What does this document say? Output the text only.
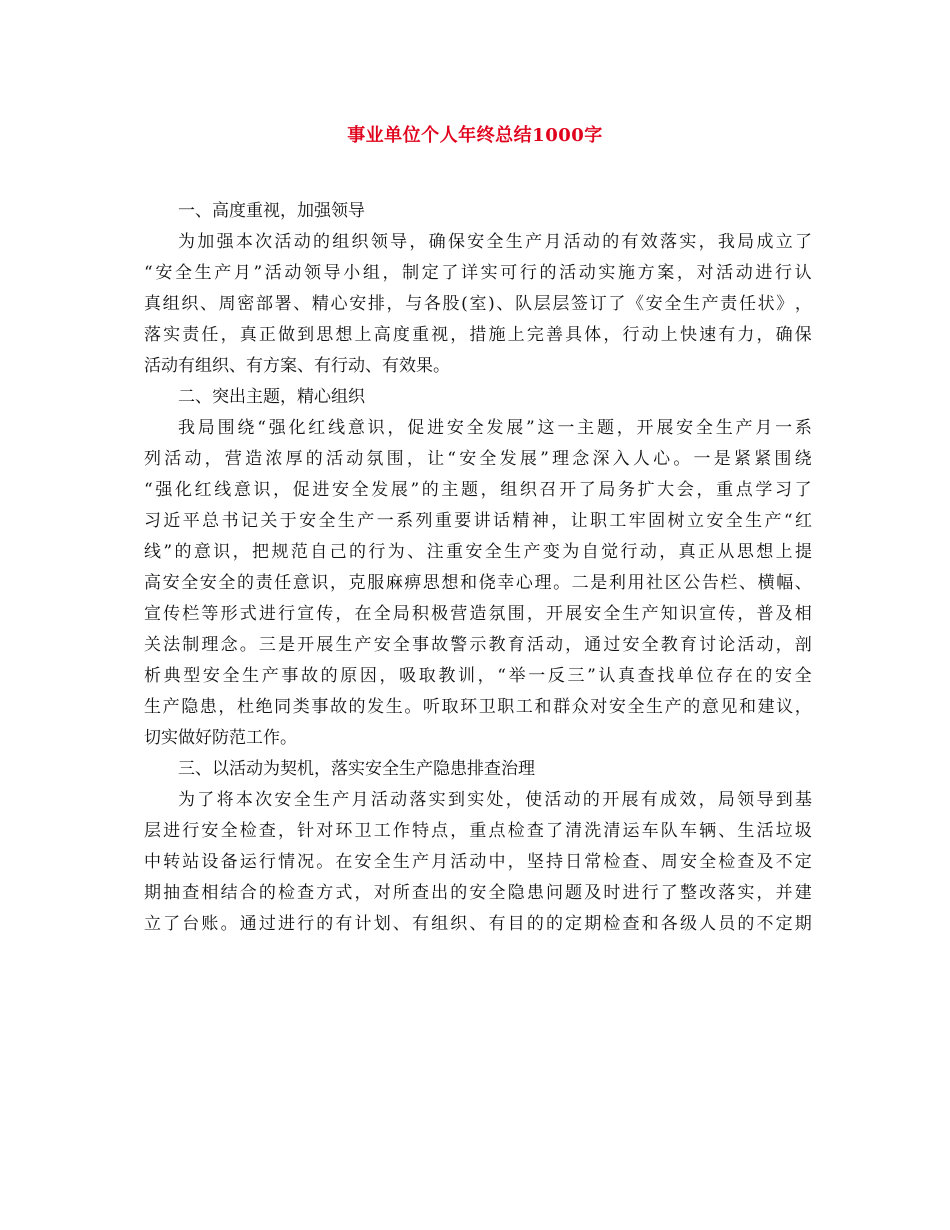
事业单位个人年终总结1000字
一、高度重视，加强领导
为 加 强 本 次 活 动 的 组 织 领 导 ， 确 保 安 全 生 产 月 活 动 的 有 效 落 实 ， 我 局 成 立 了
“ 安 全 生 产 月 ” 活 动 领 导 小 组 ， 制 定 了 详 实 可 行 的 活 动 实 施 方 案 ， 对 活 动 进 行 认
真 组 织 、 周 密 部 署 、 精 心 安 排 ， 与 各 股 ( 室 ) 、 队 层 层 签 订 了 《 安 全 生 产 责 任 状 》 ，
落 实 责 任 ， 真 正 做 到 思 想 上 高 度 重 视 ， 措 施 上 完 善 具 体 ， 行 动 上 快 速 有 力 ， 确 保
活动有组织、有方案、有行动、有效果。
二、突出主题，精心组织
我 局 围 绕 “ 强 化 红 线 意 识 ， 促 进 安 全 发 展 ” 这 一 主 题 ， 开 展 安 全 生 产 月 一 系
列 活 动 ， 营 造 浓 厚 的 活 动 氛 围 ， 让 “ 安 全 发 展 ” 理 念 深 入 人 心 。 一 是 紧 紧 围 绕
“ 强 化 红 线 意 识 ， 促 进 安 全 发 展 ” 的 主 题 ， 组 织 召 开 了 局 务 扩 大 会 ， 重 点 学 习 了
习 近 平 总 书 记 关 于 安 全 生 产 一 系 列 重 要 讲 话 精 神 ， 让 职 工 牢 固 树 立 安 全 生 产 “ 红
线 ” 的 意 识 ， 把 规 范 自 己 的 行 为 、 注 重 安 全 生 产 变 为 自 觉 行 动 ， 真 正 从 思 想 上 提
高 安 全 安 全 的 责 任 意 识 ， 克 服 麻 痹 思 想 和 侥 幸 心 理 。 二 是 利 用 社 区 公 告 栏 、 横 幅 、
宣 传 栏 等 形 式 进 行 宣 传 ， 在 全 局 积 极 营 造 氛 围 ， 开 展 安 全 生 产 知 识 宣 传 ， 普 及 相
关 法 制 理 念 。 三 是 开 展 生 产 安 全 事 故 警 示 教 育 活 动 ， 通 过 安 全 教 育 讨 论 活 动 ， 剖
析 典 型 安 全 生 产 事 故 的 原 因 ， 吸 取 教 训 ， “ 举 一 反 三 ” 认 真 查 找 单 位 存 在 的 安 全
生 产 隐 患 ， 杜 绝 同 类 事 故 的 发 生 。 听 取 环 卫 职 工 和 群 众 对 安 全 生 产 的 意 见 和 建 议 ，
切实做好防范工作。
三、以活动为契机，落实安全生产隐患排查治理
为 了 将 本 次 安 全 生 产 月 活 动 落 实 到 实 处 ， 使 活 动 的 开 展 有 成 效 ， 局 领 导 到 基
层 进 行 安 全 检 查 ， 针 对 环 卫 工 作 特 点 ， 重 点 检 查 了 清 洗 清 运 车 队 车 辆 、 生 活 垃 圾
中 转 站 设 备 运 行 情 况 。 在 安 全 生 产 月 活 动 中 ， 坚 持 日 常 检 查 、 周 安 全 检 查 及 不 定
期 抽 查 相 结 合 的 检 查 方 式 ， 对 所 查 出 的 安 全 隐 患 问 题 及 时 进 行 了 整 改 落 实 ， 并 建
立 了 台 账 。 通 过 进 行 的 有 计 划 、 有 组 织 、 有 目 的 的 定 期 检 查 和 各 级 人 员 的 不 定 期
